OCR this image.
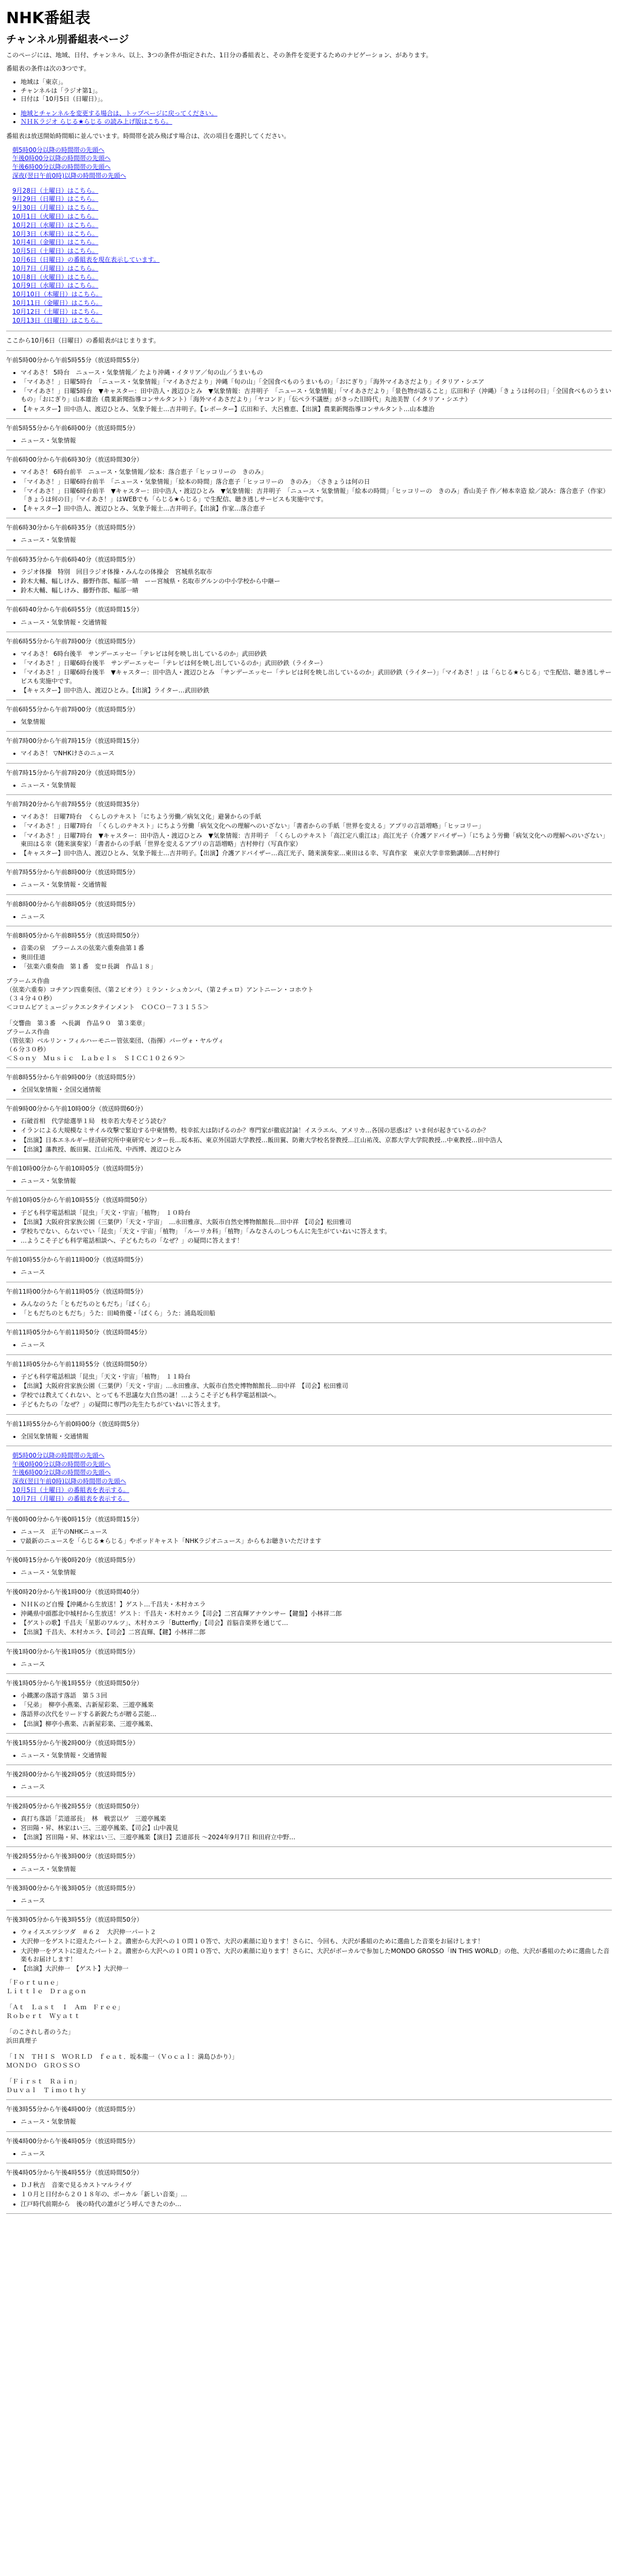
NHK番組表
チャンネル別番組表ページ

このページには、地域、日付、チャンネル、以上、3つの条件が指定された、1日分の番組表と、その条件を変更するためのナビゲーション、があります。

番組表の条件は次の3つです。

• 地域は「東京」。
• チャンネルは「ラジオ第1」。
• 日付は「10月5日（日曜日）」。
• 地域とチャンネルを変更する場合は、トップページに戻ってください。
• ＮＨＫラジオ らじる★らじる の読み上げ版はこちら。

番組表は放送開始時間順に並んでいます。時間帯を読み飛ばす場合は、次の項目を選択してください。

朝5時00分以降の時間帯の先頭へ
午後0時00分以降の時間帯の先頭へ
午後6時00分以降の時間帯の先頭へ
深夜(翌日午前0時)以降の時間帯の先頭へ
9月28日（土曜日）はこちら。
9月29日（日曜日）はこちら。
9月30日（月曜日）はこちら。
10月1日（火曜日）はこちら。
10月2日（水曜日）はこちら。
10月3日（木曜日）はこちら。
10月4日（金曜日）はこちら。
10月5日（土曜日）はこちら。
10月6日（日曜日）の番組表を現在表示しています。
10月7日（月曜日）はこちら。
10月8日（火曜日）はこちら。
10月9日（水曜日）はこちら。
10月10日（木曜日）はこちら。
10月11日（金曜日）はこちら。
10月12日（土曜日）はこちら。
10月13日（日曜日）はこちら。

ここから10月6日（日曜日）の番組表がはじまります。

午前5時00分から午前5時55分（放送時間55分）

• マイあさ！ 5時台　ニュース・気象情報／ たより沖縄・イタリア／旬の山／うまいもの
• 「マイあさ！」日曜5時台　「ニュース・気象情報」「マイあさだより」沖縄「旬の山」「全国食べものうまいもの」「おにぎり」「海外マイあさだより」イタリア・シエア
• 「マイあさ！」日曜5時台　▼キャスター：田中浩人・渡辺ひとみ　▼気象情報：吉井明子　「ニュース・気象情報」「マイあさだより」「景色物が語ること」広田和子（沖縄）「きょうは何の日」「全国食べものうまいもの」「おにぎり」山本雄治（農業新聞指導コンサルタント）「海外マイあさだより」「ヤコンド」「伝ペラ不議歴」がきった旧時代」丸池美智（イタリア・シエナ）
• 【キャスター】田中浩人、渡辺ひとみ、気象予報士…吉井明子。【レポーター】広田和子、大呂雅恵、【出演】農業新聞指導コンサルタント…山本雄治

午前5時55分から午前6時00分（放送時間5分）

• ニュース・気象情報

午前6時00分から午前6時30分（放送時間30分）

• マイあさ！ 6時台前半　ニュース・気象情報／絵本：落合恵子「ヒッコリーの　きのみ」
• 「マイあさ！」日曜6時台前半　「ニュース・気象情報」「絵本の時間」落合恵子「ヒッコリーの　きのみ」　〈さきょうは何の日
• 「マイあさ！」日曜6時台前半　▼キャスター：田中浩人・渡辺ひとみ　▼気象情報：吉井明子　「ニュース・気象情報」「絵本の時間」「ヒッコリーの　きのみ」香山美子 作／柿本幸造 絵／読み：落合恵子（作家）「きょうは何の日」「マイあさ！」はWEBでも「らじる★らじる」で生配信、聴き逃しサービスも実施中です。
• 【キャスター】田中浩人、渡辺ひとみ、気象予報士…吉井明子。【出演】作家…落合恵子

午前6時30分から午前6時35分（放送時間5分）

• ニュース・気象情報

午前6時35分から午前6時40分（放送時間5分）

• ラジオ体操　特別　回目ラジオ体操・みんなの体操会　宮城県名取市
• 鈴木大輔、幅しけみ、藤野作郎、幅部一晴　ーー宮城県・名取市グルンの中小学校から中継ー
• 鈴木大輔、幅しけみ、藤野作郎、幅部一晴

午前6時40分から午前6時55分（放送時間15分）

• ニュース・気象情報・交通情報

午前6時55分から午前7時00分（放送時間5分）

• マイあさ！ 6時台後半　サンデーエッセー「テレビは何を映し出しているのか」武田砂鉄
• 「マイあさ！」日曜6時台後半　サンデーエッセー「テレビは何を映し出しているのか」武田砂鉄（ライター）
• 「マイあさ！」日曜6時台後半　▼キャスター：田中浩人・渡辺ひとみ　「サンデーエッセー「テレビは何を映し出しているのか」武田砂鉄（ライター）」「マイあさ！」は「らじる★らじる」で生配信、聴き逃しサービスも実施中です。
• 【キャスター】田中浩人、渡辺ひとみ。【出演】ライター…武田砂鉄

午前6時55分から午前7時00分（放送時間5分）

• 気象情報

午前7時00分から午前7時15分（放送時間15分）

• マイあさ！ ▽NHKけさのニュース

午前7時15分から午前7時20分（放送時間5分）

• ニュース・気象情報

午前7時20分から午前7時55分（放送時間35分）

• マイあさ！ 日曜7時台　くらしのテキスト「にちよう労働／病気文化」避暑からの手紙
• 「マイあさ！」日曜7時台　「くらしのテキスト」にちよう労働「病気文化への理解へのいざない」「書者からの手紙「世界を変える」アプリの言語増略」「ヒッコリー」
• 「マイあさ！」日曜7時台　▼キャスター：田中浩人・渡辺ひとみ　▼気象情報：吉井明子　「くらしのテキスト「高江定八重江は」高江光子（介護アドバイザー）「にちよう労働「病気文化への理解へのいざない」東田はる幸（随来演奏家）「書者からの手紙「世界を変えるアプリの言語増略」吉村伸行（写真作家）
• 【キャスター】田中浩人、渡辺ひとみ、気象予報士…吉井明子。【出演】介護アドバイザー…高江光子、随来演奏家…東田はる幸、写真作家　東京大学非常勤講師…吉村伸行

午前7時55分から午前8時00分（放送時間5分）

• ニュース・気象情報・交通情報

午前8時00分から午前8時05分（放送時間5分）

• ニュース

午前8時05分から午前8時55分（放送時間50分）

• 音楽の泉　ブラームスの弦楽六重奏曲第１番
• 奥田佳道
• 「弦楽六重奏曲　第１番　変ロ長調　作品１８」
ブラームス作曲
（弦楽六重奏）コチアン四重奏団、（第２ビオラ）ミラン・シュカンパ、（第２チェロ）アントニーン・コホウト
（３４分４０秒）
＜コロムビアミュージックエンタテインメント　ＣＯＣＯ－７３１５５＞

「交響曲　第３番　ヘ長調　作品９０　第３楽章」
ブラームス作曲
（管弦楽）ベルリン・フィルハーモニー管弦楽団、（指揮）パーヴォ・ヤルヴィ
（６分３０秒）
＜Ｓｏｎｙ　Ｍｕｓｉｃ　Ｌａｂｅｌｓ　ＳＩＣＣ１０２６９＞

午前8時55分から午前9時00分（放送時間5分）

• 全国気象情報・全国交通情報

午前9時00分から午前10時00分（放送時間60分）

• 石破首相　代学総選挙１局　枝幸若大寿そどう読む？
• イランによる大規模なミサイル攻撃で緊迫する中東情勢。枝幸拡大は防げるのか？専門家が徹底討論！イスラエル、アメリカ…各国の思惑は？いま何が起きているのか？
• 【出演】日本エネルギー経済研究所中東研究センター長…坂本拓、東京外国語大学教授…飯田翼、防衛大学校名誉教授…江山祐茂、京都大学大学院教授…中東教授…田中浩人
• 【出演】藩教授、飯田翼、江山祐茂、中西博、渡辺ひとみ

午前10時00分から午前10時05分（放送時間5分）

• ニュース・気象情報

午前10時05分から午前10時55分（放送時間50分）

• 子ども科学電話相談「昆虫」「天文・宇宙」「植物」　１０時台
• 【出演】大阪府営家族公園（三葉伊）「天文・宇宙」　…永田雅彦、大阪市自然史博物館館長…田中祥　【司会】松田雅司
• 学校ちでない、らないでい「昆虫」「天文・宇宙」「植物」　「ルーリカ科」「植物」「みなさんのしつもんに先生がていねいに答えます。
• …ようこそ子ども科学電話相談へ、子どもたちの「なぜ？」の疑問に答えます！

午前10時55分から午前11時00分（放送時間5分）

• ニュース

午前11時00分から午前11時05分（放送時間5分）

• みんなのうた「ともだちのともだち」「ぱくら」
• 「ともだちのともだち」うた：田崎侑優・「ぱくら」うた：浦島坂田船

午前11時05分から午前11時50分（放送時間45分）

• ニュース

午前11時05分から午前11時55分（放送時間50分）

• 子ども科学電話相談「昆虫」「天文・宇宙」「植物」　１１時台
• 【出演】大阪府営家族公園（三葉伊）「天文・宇宙」…永田雅彦、大阪市自然史博物館館長…田中祥　【司会】松田雅司
• 学校では教えてくれない、とっても不思議な大自然の謎！…ようこそ子ども科学電話相談へ。
• 子どもたちの「なぜ？」の疑問に専門の先生たちがていねいに答えます。

午前11時55分から午前0時00分（放送時間5分）

• 全国気象情報・交通情報
朝5時00分以降の時間帯の先頭へ
午後0時00分以降の時間帯の先頭へ
午後6時00分以降の時間帯の先頭へ
深夜(翌日午前0時)以降の時間帯の先頭へ
10月5日（土曜日）の番組表を表示する。
10月7日（月曜日）の番組表を表示する。

午後0時00分から午後0時15分（放送時間15分）

• ニュース　正午のNHKニュース
• ▽最新のニュースを「らじる★らじる」やポッドキャスト「NHKラジオニュース」からもお聴きいただけます

午後0時15分から午後0時20分（放送時間5分）

• ニュース・気象情報

午後0時20分から午後1時00分（放送時間40分）

• ＮＨＫのど自慢【沖縄から生放送！】ゲスト…千昌夫・木村カエラ
• 沖縄県中頭郡北中城村から生放送！ゲスト：千昌夫・木村カエラ【司会】二宮直輝アナウンサー【鍵盤】小林祥二郎
• 【ゲストの歌】千昌夫「星影のワルツ」、木村カエラ「Butterfly」【司会】首脳音楽界を通じて…
• 【出演】千昌夫、木村カエラ、【司会】二宮直輝、【鍵】小林祥二郎

午後1時00分から午後1時05分（放送時間5分）

• ニュース

午後1時05分から午後1時55分（放送時間50分）

• 小鐵潔の落語す落語　第５３回
• 「兄弟」　柳亭小燕楽、古新屋彩楽、三遊亭鳳楽
• 落語界の次代をリードする新鋭たちが贈る芸能…
• 【出演】柳亭小燕楽、古新屋彩楽、三遊亭鳳楽、

午後1時55分から午後2時00分（放送時間5分）

• ニュース・気象情報・交通情報

午後2時00分から午後2時05分（放送時間5分）

• ニュース

午後2時05分から午後2時55分（放送時間50分）

• 真打ち落語「芸道部長」　林　戦雲以ゲ　三遊亭鳳楽
• 宮田陽・昇、林家はい三、三遊亭鳳楽、【司会】山中義見
• 【出演】宮田陽・昇、林家はい三、三遊亭鳳楽【演目】芸道部長 ～2024年9月7日 和田府立中野…

午後2時55分から午後3時00分（放送時間5分）

• ニュース・気象情報

午後3時00分から午後3時05分（放送時間5分）

• ニュース

午後3時05分から午後3時55分（放送時間50分）

• ウォイスエツシツダ　＃６２　大沢伸一パート２
• 大沢伸一をゲストに迎えたパート２。濃密から大沢への１０問１０答で、大沢の素顔に迫ります！さらに、今回も、大沢が番組のために選曲した音楽をお届けします！
• 大沢伸一をゲストに迎えたパート２。濃密から大沢への１０問１０答で、大沢の素顔に迫ります！さらに、大沢がボーカルで参加したMONDO GROSSO「IN THIS WORLD」の他、大沢が番組のために選曲した音楽もお届けします！
• 【出演】大沢伸一　【ゲスト】大沢伸一
「Ｆｏｒｔｕｎｅ」
Ｌｉｔｔｌｅ　Ｄｒａｇｏｎ

「Ａｔ　Ｌａｓｔ　Ｉ　Ａｍ　Ｆｒｅｅ」
Ｒｏｂｅｒｔ　Ｗｙａｔｔ

「のこされし者のうた」
浜田真理子

「ＩＮ　ＴＨＩＳ　ＷＯＲＬＤ　ｆｅａｔ．坂本龍一（Ｖｏｃａｌ：満島ひかり）」
ＭＯＮＤＯ　ＧＲＯＳＳＯ

「Ｆｉｒｓｔ　Ｒａｉｎ」
Ｄｕｖａｌ　Ｔｉｍｏｔｈｙ

午後3時55分から午後4時00分（放送時間5分）

• ニュース・気象情報

午後4時00分から午後4時05分（放送時間5分）

• ニュース

午後4時05分から午後4時55分（放送時間50分）

• ＤＪ秋吉　音楽で見るカストマルライヴ
• １０月と日付から２０１８年の、ボーカル「新しい音楽」…
• 江戸時代前期から　後の時代の誰がどう呼んできたのか…
